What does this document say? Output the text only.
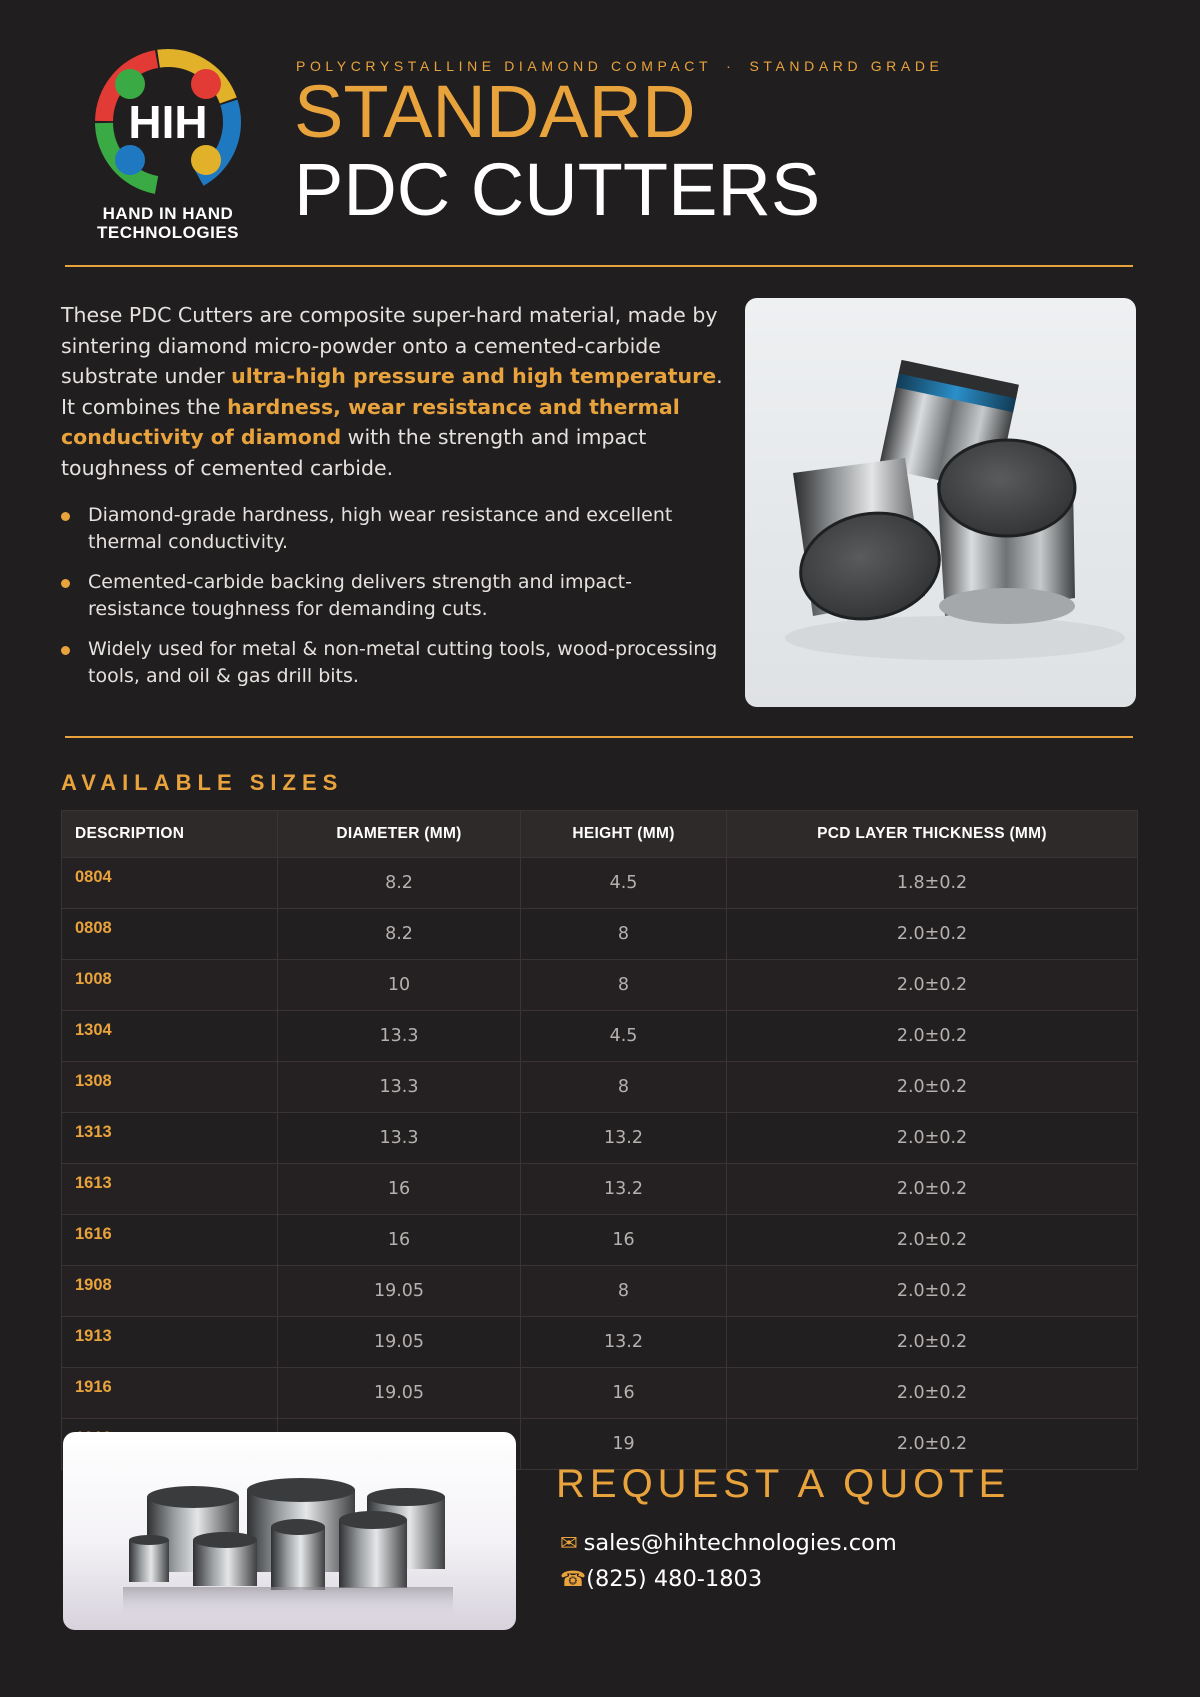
HIH
HAND IN HAND
TECHNOLOGIES
POLYCRYSTALLINE DIAMOND COMPACT · STANDARD GRADE
STANDARD
PDC CUTTERS
These PDC Cutters are composite super-hard material, made by sintering diamond micro-powder onto a cemented-carbide substrate under ultra-high pressure and high temperature. It combines the hardness, wear resistance and thermal conductivity of diamond with the strength and impact toughness of cemented carbide.
Diamond-grade hardness, high wear resistance and excellent thermal conductivity.
Cemented-carbide backing delivers strength and impact-resistance toughness for demanding cuts.
Widely used for metal & non-metal cutting tools, wood-processing tools, and oil & gas drill bits.
AVAILABLE SIZES
DESCRIPTION	DIAMETER (MM)	HEIGHT (MM)	PCD LAYER THICKNESS (MM)
0804	8.2	4.5	1.8±0.2
0808	8.2	8	2.0±0.2
1008	10	8	2.0±0.2
1304	13.3	4.5	2.0±0.2
1308	13.3	8	2.0±0.2
1313	13.3	13.2	2.0±0.2
1613	16	13.2	2.0±0.2
1616	16	16	2.0±0.2
1908	19.05	8	2.0±0.2
1913	19.05	13.2	2.0±0.2
1916	19.05	16	2.0±0.2
		19	2.0±0.2
REQUEST A QUOTE
✉ sales@hihtechnologies.com
☎(825) 480-1803
